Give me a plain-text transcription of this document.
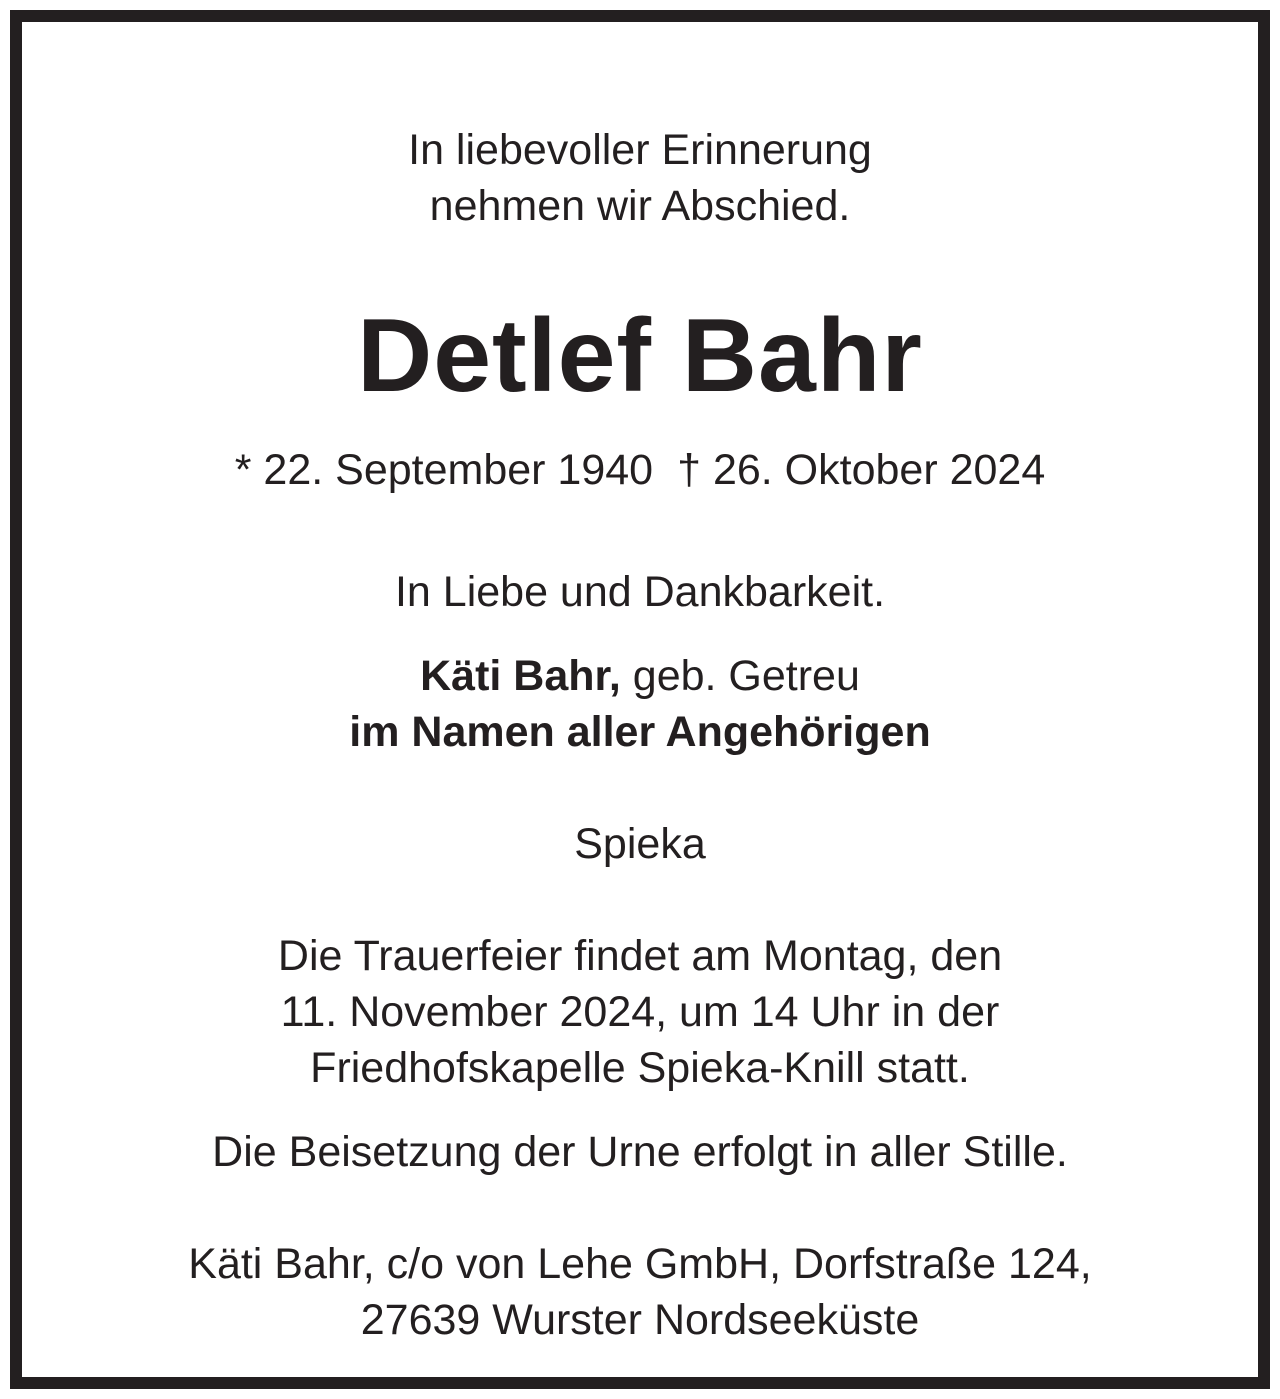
In liebevoller Erinnerung

nehmen wir Abschied.

Detlef Bahr

* 22. September 1940 † 26. Oktober 2024

In Liebe und Dankbarkeit.

Käti Bahr, geb. Getreu

im Namen aller Angehörigen

Spieka

Die Trauerfeier findet am Montag, den

11. November 2024, um 14 Uhr in der

Friedhofskapelle Spieka-Knill statt.

Die Beisetzung der Urne erfolgt in aller Stille.

Käti Bahr, c/o von Lehe GmbH, Dorfstraße 124,

27639 Wurster Nordseeküste
